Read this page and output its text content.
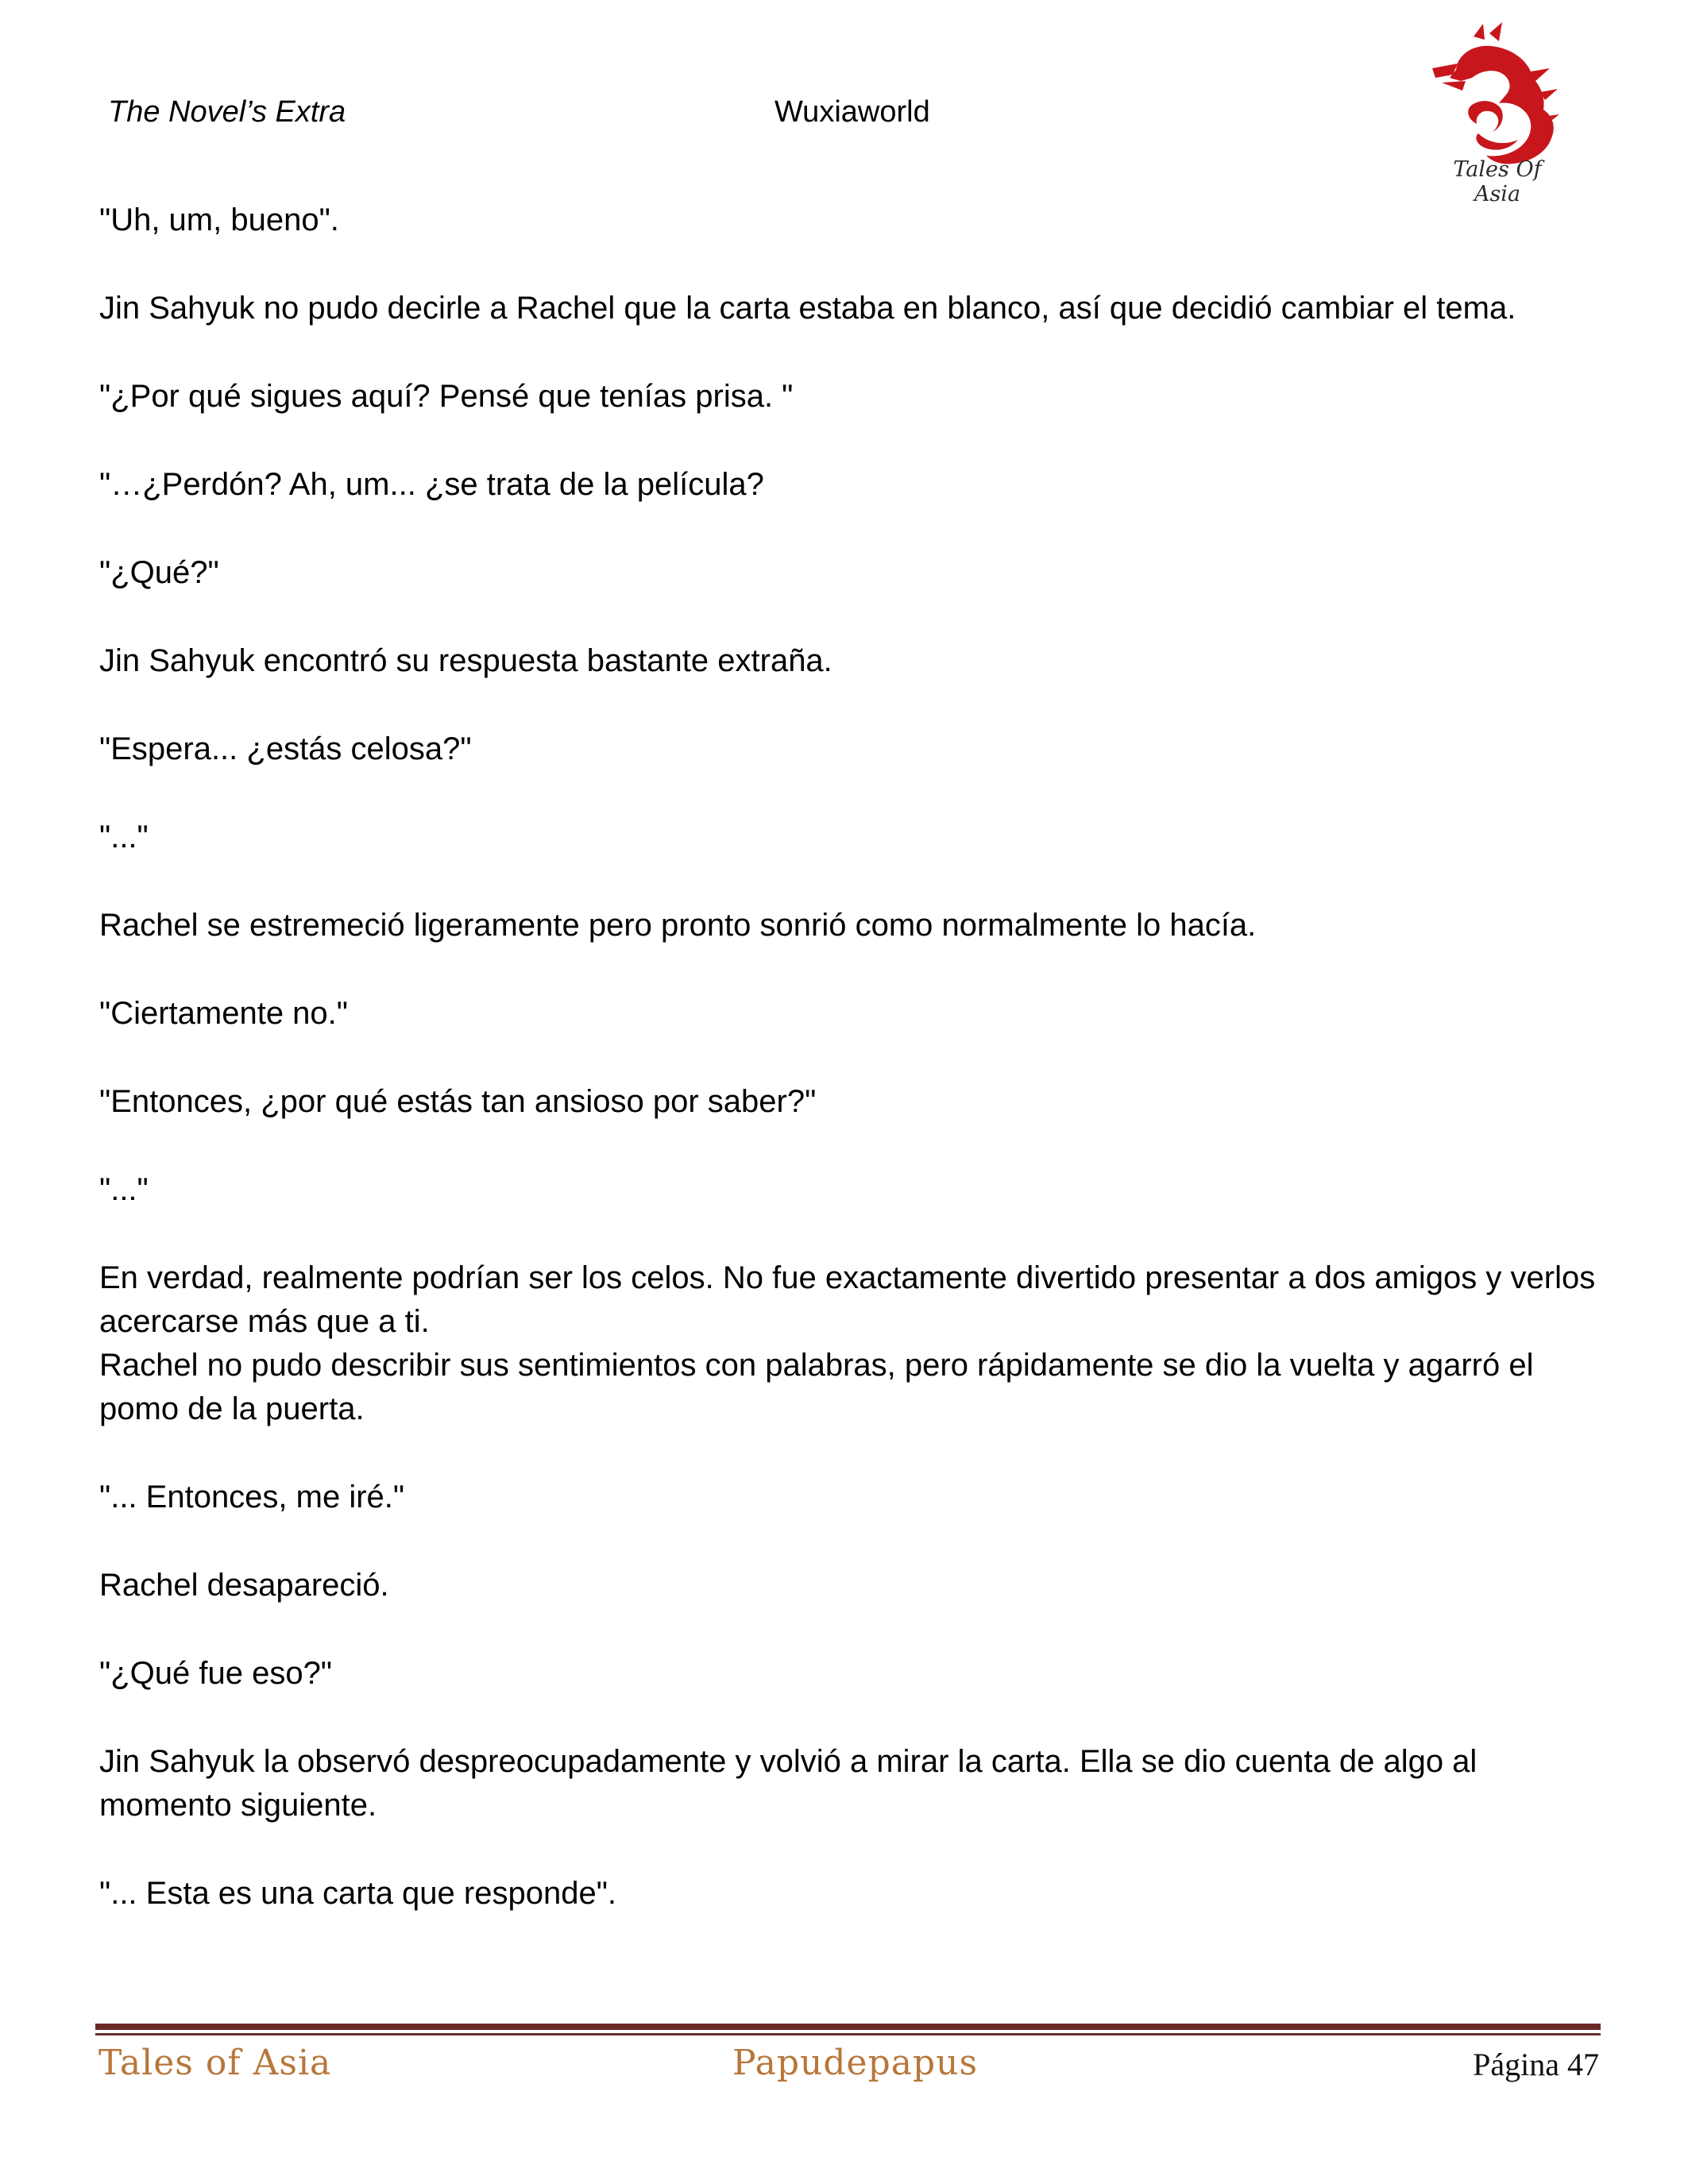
The Novel’s Extra	Wuxiaworld
Tales Of Asia

"Uh, um, bueno".

Jin Sahyuk no pudo decirle a Rachel que la carta estaba en blanco, así que decidió cambiar el tema.

"¿Por qué sigues aquí? Pensé que tenías prisa. "

"…¿Perdón? Ah, um... ¿se trata de la película?

"¿Qué?"

Jin Sahyuk encontró su respuesta bastante extraña.

"Espera... ¿estás celosa?"

"..."

Rachel se estremeció ligeramente pero pronto sonrió como normalmente lo hacía.

"Ciertamente no."

"Entonces, ¿por qué estás tan ansioso por saber?"

"..."

En verdad, realmente podrían ser los celos. No fue exactamente divertido presentar a dos amigos y verlos acercarse más que a ti.

Rachel no pudo describir sus sentimientos con palabras, pero rápidamente se dio la vuelta y agarró el pomo de la puerta.

"... Entonces, me iré."

Rachel desapareció.

"¿Qué fue eso?"

Jin Sahyuk la observó despreocupadamente y volvió a mirar la carta. Ella se dio cuenta de algo al momento siguiente.

"... Esta es una carta que responde".

Tales of Asia	Papudepapus	Página 47
